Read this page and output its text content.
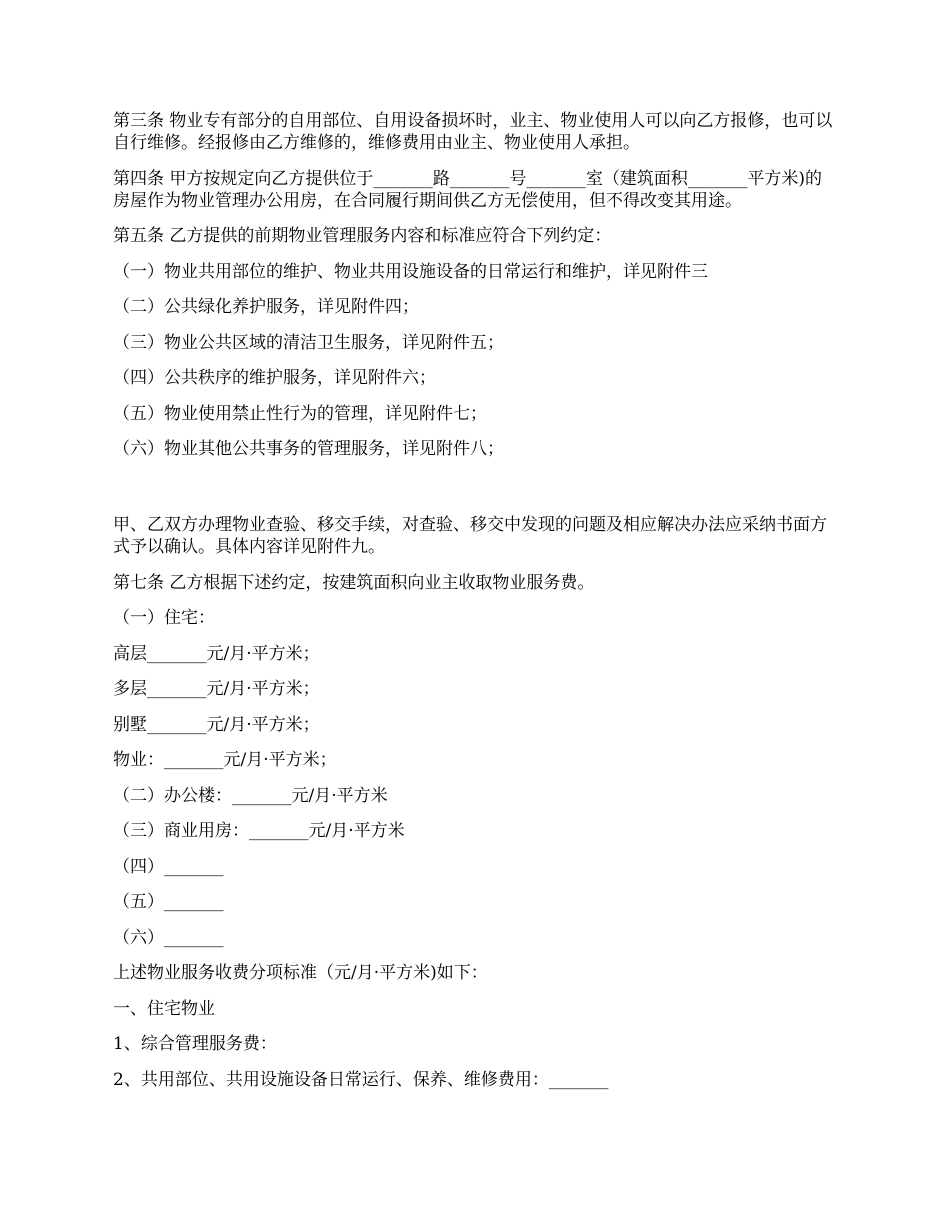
第三条 物业专有部分的自用部位、自用设备损坏时，业主、物业使用人可以向乙方报修，也可以自行维修。经报修由乙方维修的，维修费用由业主、物业使用人承担。

第四条 甲方按规定向乙方提供位于_______路_______号_______室（建筑面积_______平方米)的房屋作为物业管理办公用房，在合同履行期间供乙方无偿使用，但不得改变其用途。

第五条 乙方提供的前期物业管理服务内容和标准应符合下列约定：

（一）物业共用部位的维护、物业共用设施设备的日常运行和维护，详见附件三

（二）公共绿化养护服务，详见附件四；

（三）物业公共区域的清洁卫生服务，详见附件五；

（四）公共秩序的维护服务，详见附件六；

（五）物业使用禁止性行为的管理，详见附件七；

（六）物业其他公共事务的管理服务，详见附件八；

甲、乙双方办理物业查验、移交手续，对查验、移交中发现的问题及相应解决办法应采纳书面方式予以确认。具体内容详见附件九。

第七条 乙方根据下述约定，按建筑面积向业主收取物业服务费。

（一）住宅：

高层_______元/月·平方米；

多层_______元/月·平方米；

别墅_______元/月·平方米；

物业：_______元/月·平方米；

（二）办公楼：_______元/月·平方米

（三）商业用房：_______元/月·平方米

（四）_______

（五）_______

（六）_______

上述物业服务收费分项标准（元/月·平方米)如下：

一、住宅物业

1、综合管理服务费：

2、共用部位、共用设施设备日常运行、保养、维修费用：_______
